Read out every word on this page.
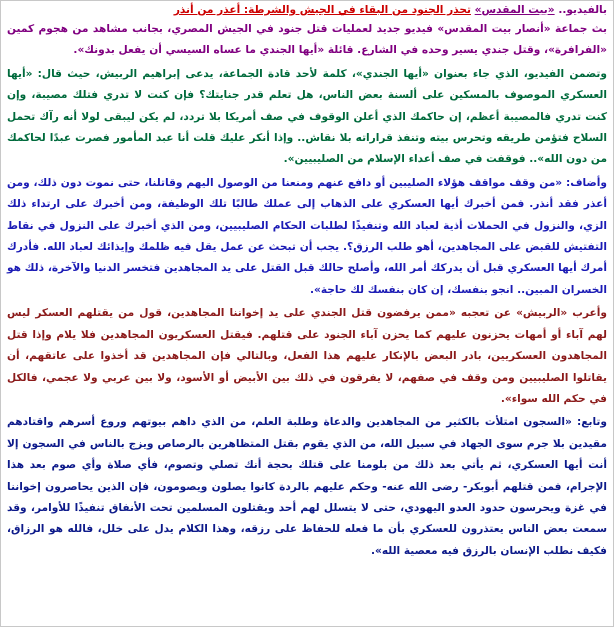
بالفيديو.. «بيت المقدس» تحذر الجنود من البقاء في الجيش والشرطة: أعذر من أنذر

بث جماعة «أنصار بيت المقدس» فيديو جديد لعمليات قتل جنود في الجيش المصري، بجانب مشاهد من هجوم كمين «الفرافرة»، وقتل جندي يسير وحده في الشارع. قائلة «أيها الجندي ما عساه السيسي أن يفعل بدونك».

وتضمن الفيديو، الذي جاء بعنوان «أيها الجندي»، كلمة لأحد قادة الجماعة، يدعى إبراهيم الربيش، حيث قال: «أيها العسكري الموصوف بالمسكين على ألسنة بعض الناس، هل تعلم قدر جنايتك؟ فإن كنت لا تدري فتلك مصيبة، وإن كنت تدري فالمصيبة أعظم، إن حاكمك الذي أعلن الوقوف في صف أمريكا بلا تردد، لم يكن ليبقى لولا أنه رآك تحمل السلاح فتؤمن طريقه وتحرس بيته وتنفذ قراراته بلا نقاش.. وإذا أنكر عليك قلت أنا عبد المأمور فصرت عبدًا لحاكمك من دون الله».. فوقفت في صف أعداء الإسلام من الصليبيين».

وأضاف: «من وقف مواقف هؤلاء الصليبين أو دافع عنهم ومنعنا من الوصول اليهم وقاتلنا، حتى نموت دون ذلك، ومن أعذر فقد أنذر. فمن أخبرك أيها العسكري على الذهاب إلى عملك طالبًا تلك الوظيفة، ومن أخبرك على ارتداء ذلك الزي، والنزول في الحملات أذية لعباد الله وتنفيذًا لطلبات الحكام الصليبيين، ومن الذي أخبرك على النزول في نقاط التفتيش للقبض على المجاهدين، أهو طلب الرزق؟. يجب أن تبحث عن عمل يقل فيه ظلمك وإيذائك لعباد الله. فأدرك أمرك أيها العسكري قبل أن يدركك أمر الله، وأصلح حالك قبل القتل على يد المجاهدين فتخسر الدنيا والآخرة، ذلك هو الخسران المبين.. انجو بنفسك، إن كان بنفسك لك حاجة».

وأعرب «الربيش» عن تعجبه «ممن يرفضون قتل الجندي على يد إخواننا المجاهدين، قول من يقتلهم العسكر ليس لهم آباء أو أمهات يحزنون عليهم كما يحزن آباء الجنود على قتلهم. فيقتل العسكريون المجاهدين فلا يلام وإذا قتل المجاهدون العسكريين، بادر البعض بالإنكار عليهم هذا الفعل، وبالتالي فإن المجاهدين قد أخذوا على عاتقهم، أن يقاتلوا الصليبيين ومن وقف في صفهم، لا يفرقون في ذلك بين الأبيض أو الأسود، ولا بين عربي ولا عجمي، فالكل في حكم الله سواء».

وتابع: «السجون امتلأت بالكثير من المجاهدين والدعاة وطلبة العلم، من الذي داهم بيوتهم وروع أسرهم واقتادهم مقيدين بلا جرم سوى الجهاد في سبيل الله، من الذي يقوم بقتل المتظاهرين بالرصاص ويزج بالناس في السجون إلا أنت أيها العسكري، ثم يأتي بعد ذلك من بلومنا على قتلك بحجة أنك تصلي وتصوم، فأي صلاة وأي صوم بعد هذا الإجرام، فمن قتلهم أبوبكر- رضى الله عنه- وحكم عليهم بالردة كانوا يصلون ويصومون، فإن الذين يحاصرون إخواننا في غزة ويحرسون حدود العدو اليهودي، حتى لا يتسلل لهم أحد ويقتلون المسلمين تحت الأنفاق تنفيذًا للأوامر، وقد سمعت بعض الناس يعتذرون للعسكري بأن ما فعله للحفاظ على رزقه، وهذا الكلام يدل على خلل، فالله هو الرزاق، فكيف نطلب الإنسان بالرزق فيه معصية الله».
